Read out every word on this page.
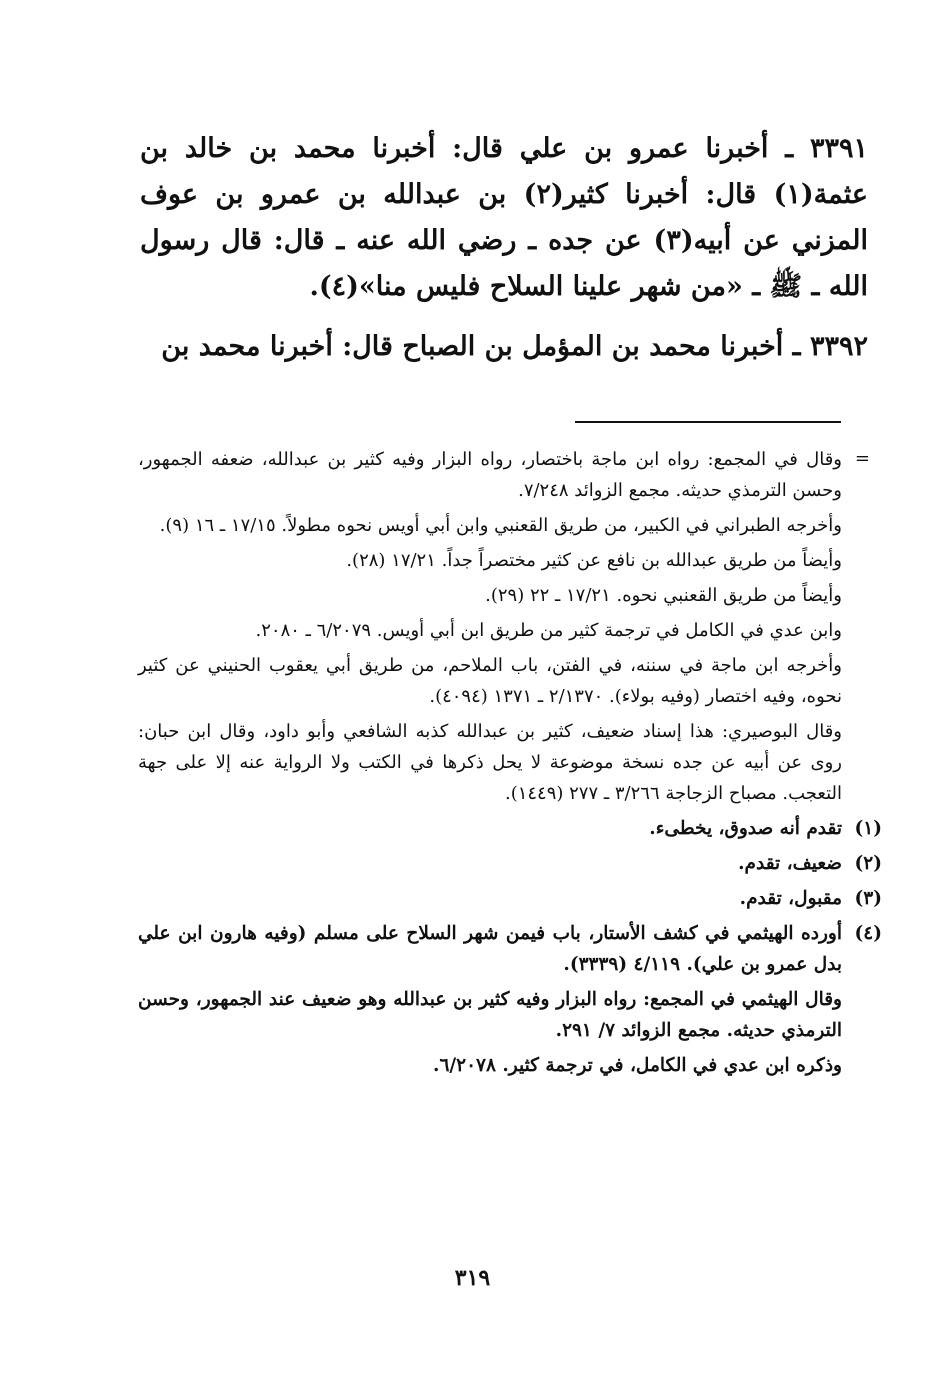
٣٣٩١ ـ أخبرنا عمرو بن علي قال: أخبرنا محمد بن خالد بن عثمة(١) قال: أخبرنا كثير(٢) بن عبدالله بن عمرو بن عوف المزني عن أبيه(٣) عن جده ـ رضي الله عنه ـ قال: قال رسول الله ـ ﷺ ـ «من شهر علينا السلاح فليس منا»(٤).

٣٣٩٢ ـ أخبرنا محمد بن المؤمل بن الصباح قال: أخبرنا محمد بن

=

وقال في المجمع: رواه ابن ماجة باختصار، رواه البزار وفيه كثير بن عبدالله، ضعفه الجمهور، وحسن الترمذي حديثه. مجمع الزوائد ٧/٢٤٨.

وأخرجه الطبراني في الكبير، من طريق القعنبي وابن أبي أويس نحوه مطولاً. ١٧/١٥ ـ ١٦ (٩).

وأيضاً من طريق عبدالله بن نافع عن كثير مختصراً جداً. ١٧/٢١ (٢٨).

وأيضاً من طريق القعنبي نحوه. ١٧/٢١ ـ ٢٢ (٢٩).

وابن عدي في الكامل في ترجمة كثير من طريق ابن أبي أويس. ٦/٢٠٧٩ ـ ٢٠٨٠.

وأخرجه ابن ماجة في سننه، في الفتن، باب الملاحم، من طريق أبي يعقوب الحنيني عن كثير نحوه، وفيه اختصار (وفيه بولاء). ٢/١٣٧٠ ـ ١٣٧١ (٤٠٩٤).

وقال البوصيري: هذا إسناد ضعيف، كثير بن عبدالله كذبه الشافعي وأبو داود، وقال ابن حبان: روى عن أبيه عن جده نسخة موضوعة لا يحل ذكرها في الكتب ولا الرواية عنه إلا على جهة التعجب. مصباح الزجاجة ٣/٢٦٦ ـ ٢٧٧ (١٤٤٩).

(١)
تقدم أنه صدوق، يخطىء.

(٢)
ضعيف، تقدم.

(٣)
مقبول، تقدم.

(٤)
أورده الهيثمي في كشف الأستار، باب فيمن شهر السلاح على مسلم (وفيه هارون ابن علي بدل عمرو بن علي). ٤/١١٩ (٣٣٣٩).

وقال الهيثمي في المجمع: رواه البزار وفيه كثير بن عبدالله وهو ضعيف عند الجمهور، وحسن الترمذي حديثه. مجمع الزوائد ٧/ ٢٩١.

وذكره ابن عدي في الكامل، في ترجمة كثير. ٦/٢٠٧٨.

٣١٩
